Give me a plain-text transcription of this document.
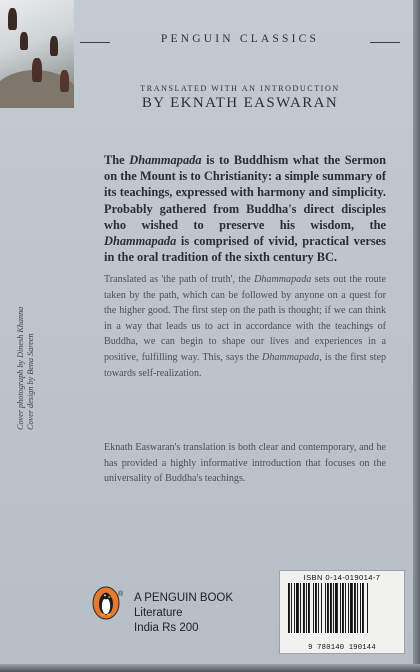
PENGUIN CLASSICS
TRANSLATED WITH AN INTRODUCTION
BY EKNATH EASWARAN

The Dhammapada is to Buddhism what the Sermon on the Mount is to Christianity: a simple summary of its teachings, expressed with harmony and simplicity. Probably gathered from Buddha's direct disciples who wished to preserve his wisdom, the Dhammapada is comprised of vivid, practical verses in the oral tradition of the sixth century BC.

Translated as 'the path of truth', the Dhammapada sets out the route taken by the path, which can be followed by anyone on a quest for the higher good. The first step on the path is thought; if we can think in a way that leads us to act in accordance with the teachings of Buddha, we can begin to shape our lives and experiences in a positive, fulfilling way. This, says the Dhammapada, is the first step towards self-realization.

Eknath Easwaran's translation is both clear and contemporary, and he has provided a highly informative introduction that focuses on the universality of Buddha's teachings.

Cover photograph by Dinesh Khanna Cover design by Bena Sareen
® A PENGUIN BOOK
Literature
India Rs 200
ISBN 0-14-019014-7
9 780140 190144
